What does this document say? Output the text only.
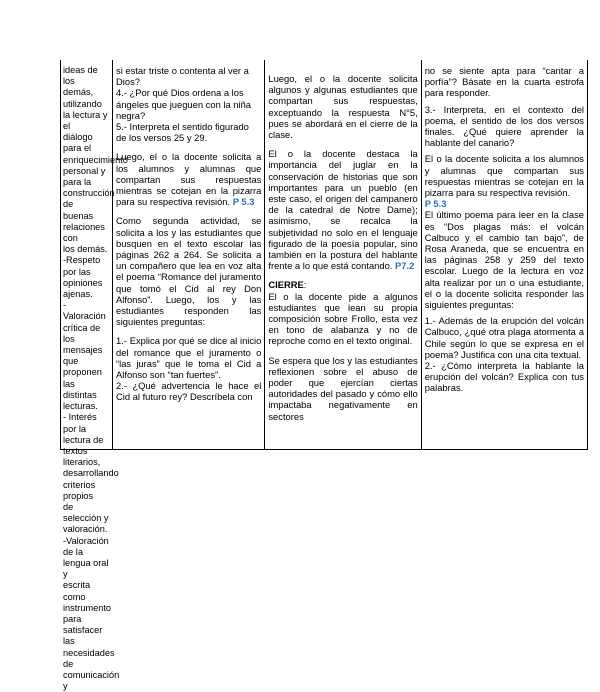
ideas de los
demás, utilizando
la lectura y el
diálogo para el
enriquecimiento
personal y para la
construcción de
buenas
relaciones con
los demás.
-Respeto por las
opiniones ajenas.
- Valoración
crítica de los
mensajes que
proponen las
distintas lecturas.
- Interés por la
lectura de textos
literarios,
desarrollando
criterios propios
de selección y
valoración.
-Valoración de la
lengua oral y
escrita como
instrumento para
satisfacer las
necesidades de
comunicación y

si estar triste o contenta al ver a Dios?

4.- ¿Por qué Dios ordena a los ángeles que jueguen con la niña negra?

5.- Interpreta el sentido figurado de los versos 25 y 29.

Luego, el o la docente solicita a los alumnos y alumnas que compartan sus respuestas mientras se cotejan en la pizarra para su respectiva revisión. P 5.3

Como segunda actividad, se solicita a los y las estudiantes que busquen en el texto escolar las páginas 262 a 264. Se solicita a un compañero que lea en voz alta el poema “Romance del juramento que tomó el Cid al rey Don Alfonso”. Luego, los y las estudiantes responden las siguientes preguntas:

1.- Explica por qué se dice al inicio del romance que el juramento o “las juras” que le toma el Cid a Alfonso son “tan fuertes”.

2.- ¿Qué advertencia le hace el Cid al futuro rey? Descríbela con

Luego, el o la docente solicita algunos y algunas estudiantes que compartan sus respuestas, exceptuando la respuesta N°5, pues se abordará en el cierre de la clase.

El o la docente destaca la importancia del juglar en la conservación de historias que son importantes para un pueblo (en este caso, el origen del campanero de la catedral de Notre Dame); asimismo, se recalca la subjetividad no solo en el lenguaje figurado de la poesía popular, sino también en la postura del hablante frente a lo que está contando. P7.2

CIERRE:

El o la docente pide a algunos estudiantes que lean su propia composición sobre Frollo, esta vez en tono de alabanza y no de reproche como en el texto original.

Se espera que los y las estudiantes reflexionen sobre el abuso de poder que ejercían ciertas autoridades del pasado y cómo ello impactaba negativamente en sectores

no se siente apta para “cantar a porfía”? Básate en la cuarta estrofa para responder.

3.- Interpreta, en el contexto del poema, el sentido de los dos versos finales. ¿Qué quiere aprender la hablante del canario?

El o la docente solicita a los alumnos y alumnas que compartan sus respuestas mientras se cotejan en la pizarra para su respectiva revisión.
P 5.3

El último poema para leer en la clase es “Dos plagas más: el volcán Calbuco y el cambio tan bajo”, de Rosa Araneda, que se encuentra en las páginas 258 y 259 del texto escolar. Luego de la lectura en voz alta realizar por un o una estudiante, el o la docente solicita responder las siguientes preguntas:

1.- Además de la erupción del volcán Calbuco, ¿qué otra plaga atormenta a Chile según lo que se expresa en el poema? Justifica con una cita textual.

2.- ¿Cómo interpreta la hablante la erupción del volcán? Explica con tus palabras.
